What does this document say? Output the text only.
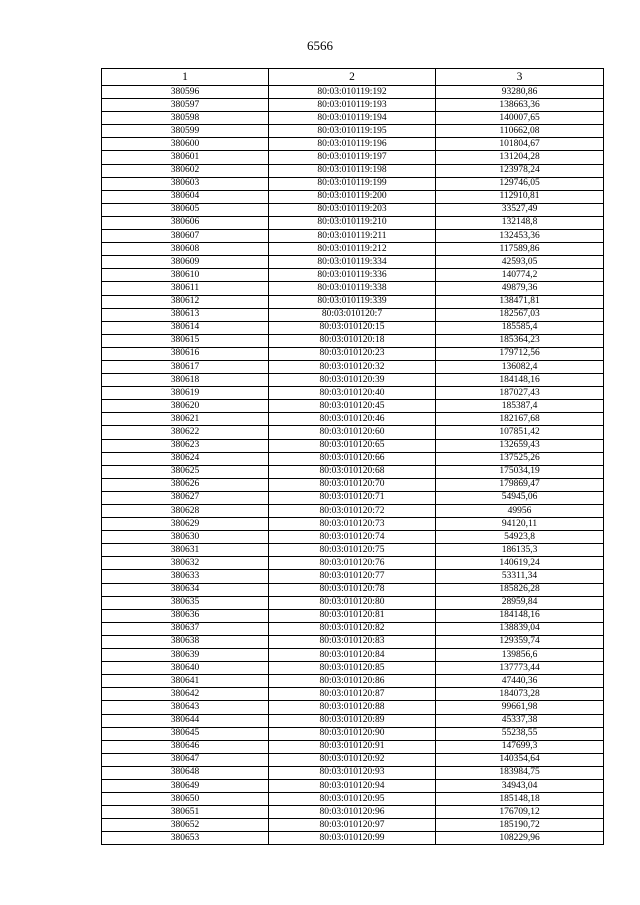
6566
1	2	3
380596	80:03:010119:192	93280,86
380597	80:03:010119:193	138663,36
380598	80:03:010119:194	140007,65
380599	80:03:010119:195	110662,08
380600	80:03:010119:196	101804,67
380601	80:03:010119:197	131204,28
380602	80:03:010119:198	123978,24
380603	80:03:010119:199	129746,05
380604	80:03:010119:200	112910,81
380605	80:03:010119:203	33527,49
380606	80:03:010119:210	132148,8
380607	80:03:010119:211	132453,36
380608	80:03:010119:212	117589,86
380609	80:03:010119:334	42593,05
380610	80:03:010119:336	140774,2
380611	80:03:010119:338	49879,36
380612	80:03:010119:339	138471,81
380613	80:03:010120:7	182567,03
380614	80:03:010120:15	185585,4
380615	80:03:010120:18	185364,23
380616	80:03:010120:23	179712,56
380617	80:03:010120:32	136082,4
380618	80:03:010120:39	184148,16
380619	80:03:010120:40	187027,43
380620	80:03:010120:45	185387,4
380621	80:03:010120:46	182167,68
380622	80:03:010120:60	107851,42
380623	80:03:010120:65	132659,43
380624	80:03:010120:66	137525,26
380625	80:03:010120:68	175034,19
380626	80:03:010120:70	179869,47
380627	80:03:010120:71	54945,06
380628	80:03:010120:72	49956
380629	80:03:010120:73	94120,11
380630	80:03:010120:74	54923,8
380631	80:03:010120:75	186135,3
380632	80:03:010120:76	140619,24
380633	80:03:010120:77	53311,34
380634	80:03:010120:78	185826,28
380635	80:03:010120:80	28959,84
380636	80:03:010120:81	184148,16
380637	80:03:010120:82	138839,04
380638	80:03:010120:83	129359,74
380639	80:03:010120:84	139856,6
380640	80:03:010120:85	137773,44
380641	80:03:010120:86	47440,36
380642	80:03:010120:87	184073,28
380643	80:03:010120:88	99661,98
380644	80:03:010120:89	45337,38
380645	80:03:010120:90	55238,55
380646	80:03:010120:91	147699,3
380647	80:03:010120:92	140354,64
380648	80:03:010120:93	183984,75
380649	80:03:010120:94	34943,04
380650	80:03:010120:95	185148,18
380651	80:03:010120:96	176709,12
380652	80:03:010120:97	185190,72
380653	80:03:010120:99	108229,96
